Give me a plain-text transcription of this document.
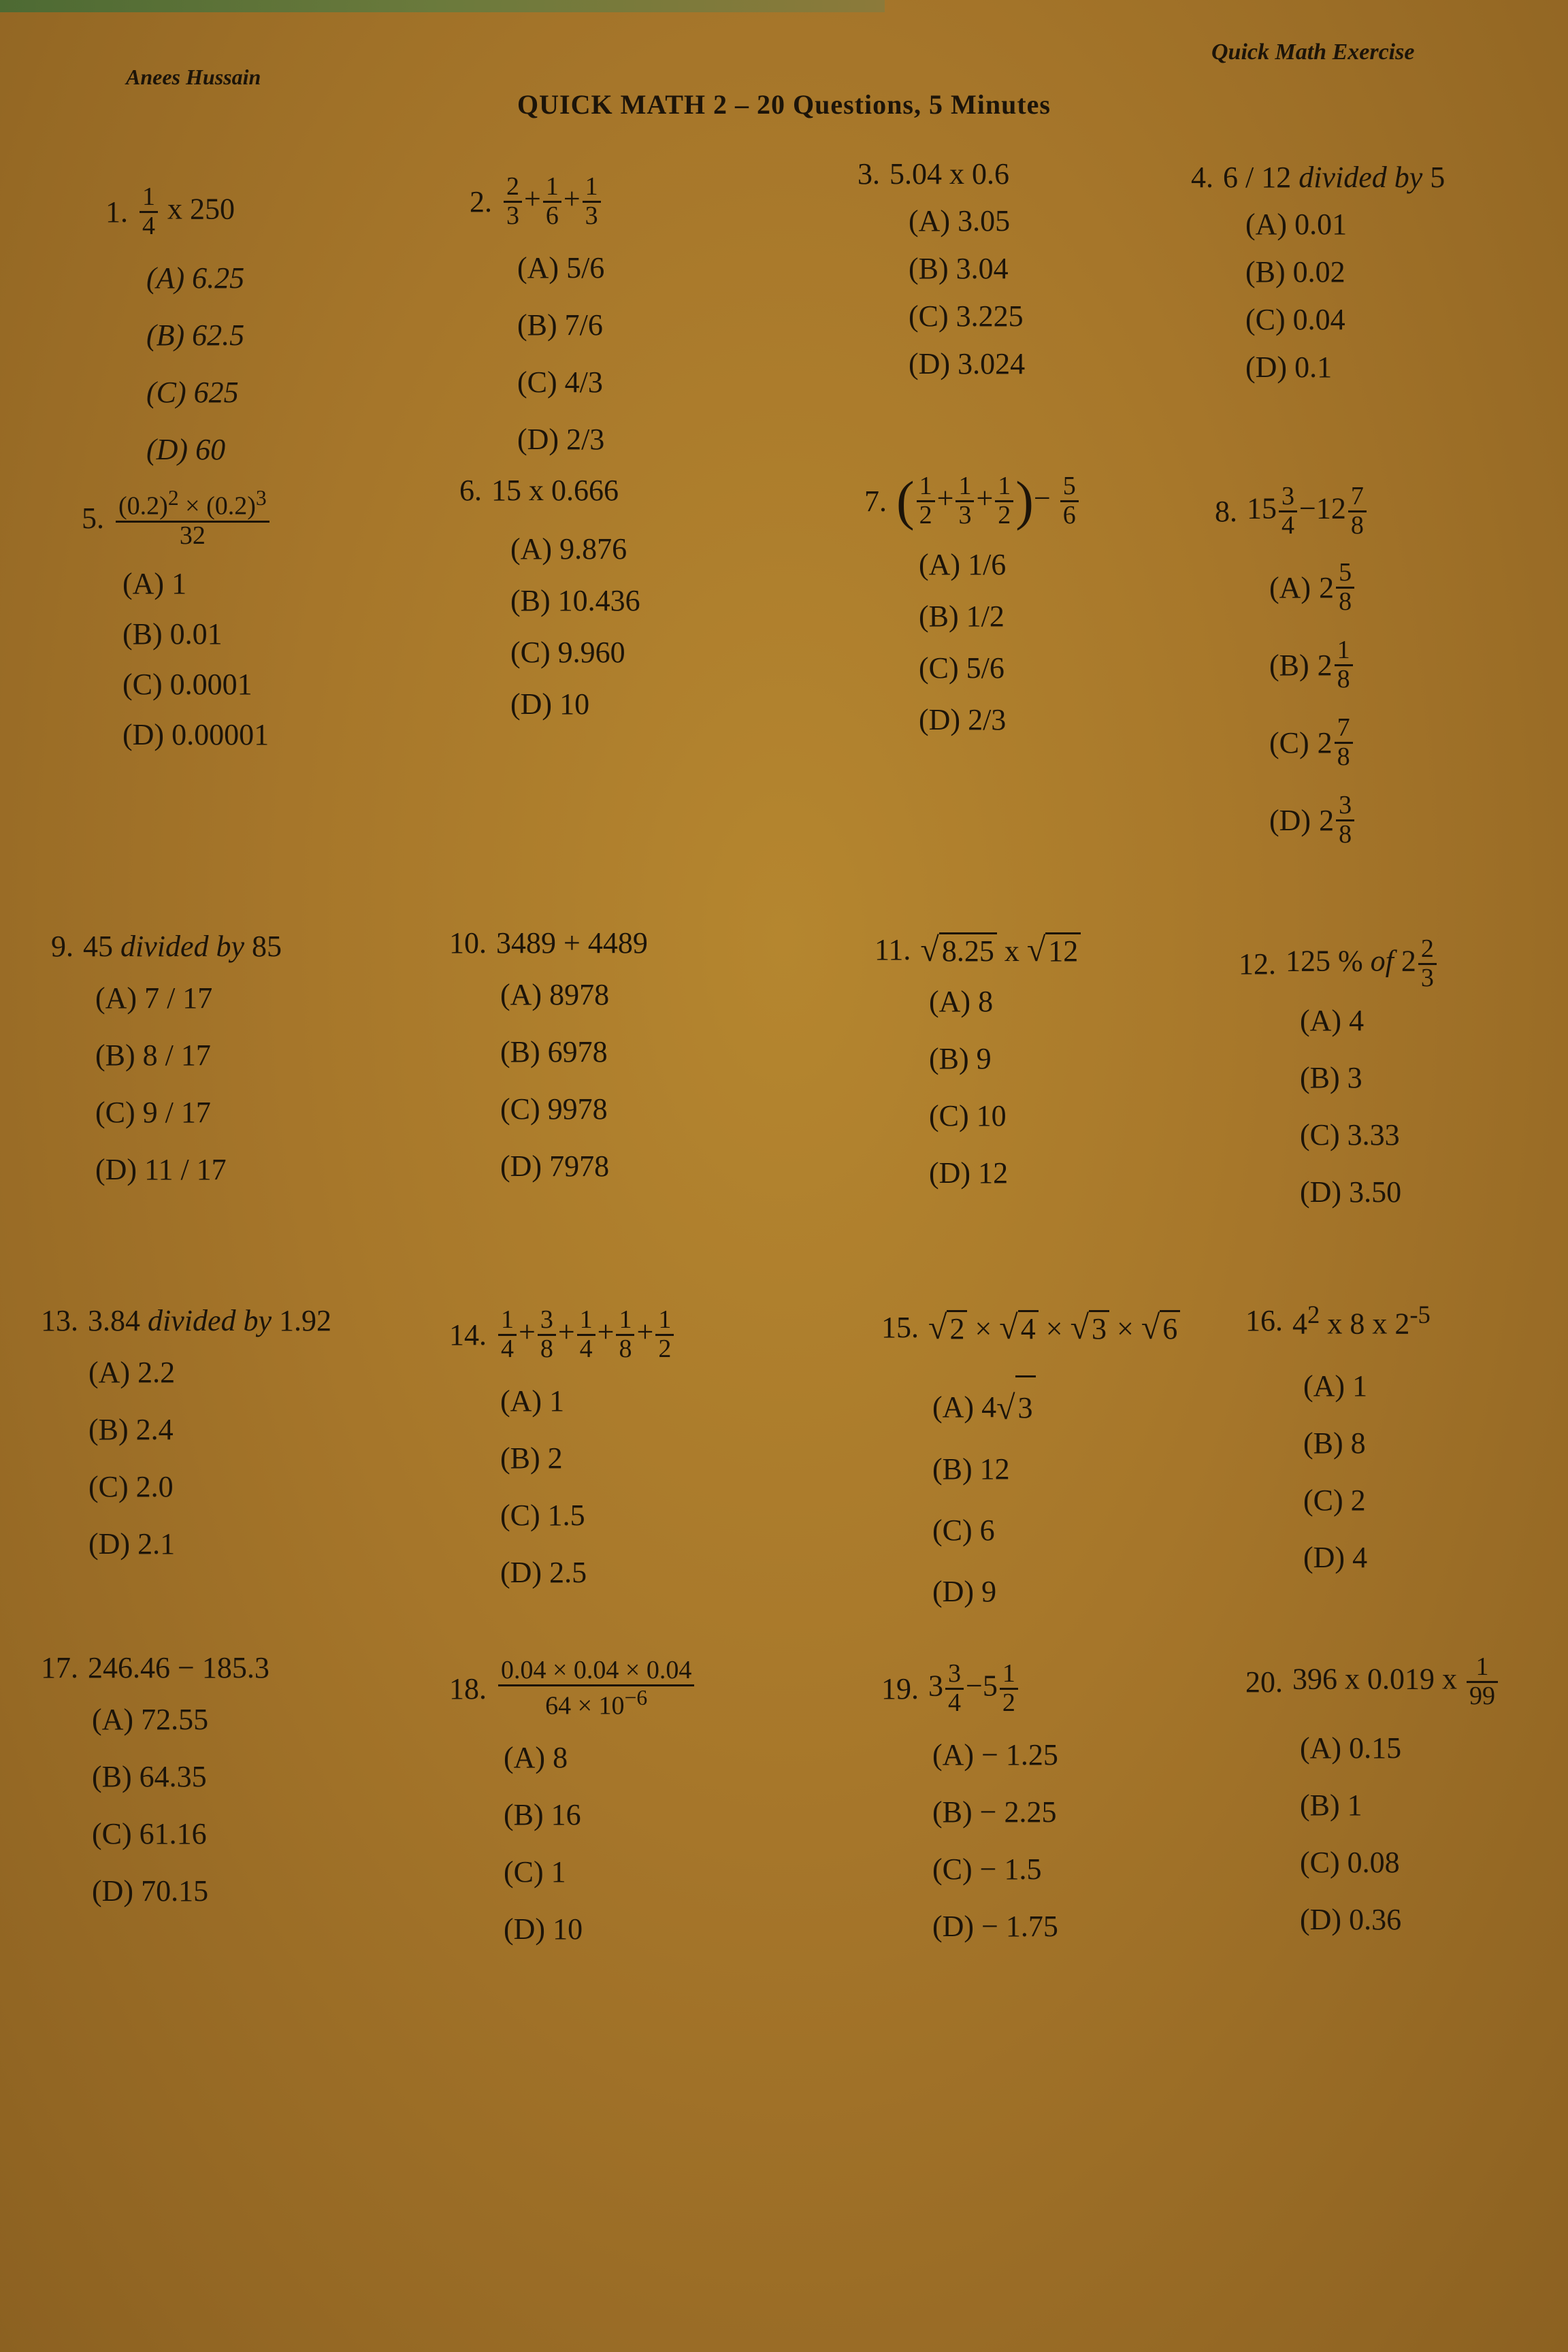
Anees Hussain
Quick Math Exercise
QUICK MATH 2 – 20 Questions, 5 Minutes
1. $\frac{1}{4}$ x 250
(A) 6.25
(B) 62.5
(C) 625
(D) 60
2. $\frac{2}{3} + \frac{1}{6} + \frac{1}{3}$
(A) 5/6
(B) 7/6
(C) 4/3
(D) 2/3
3. 5.04 x 0.6
(A) 3.05
(B) 3.04
(C) 3.225
(D) 3.024
4. 6 / 12 divided by 5
(A) 0.01
(B) 0.02
(C) 0.04
(D) 0.1
5. $\frac{(0.2)^2 \times (0.2)^3}{32}$
(A) 1
(B) 0.01
(C) 0.0001
(D) 0.00001
6. 15 x 0.666
(A) 9.876
(B) 10.436
(C) 9.960
(D) 10
7. ( $\frac{1}{2} + \frac{1}{3} + \frac{1}{2}$ )− $\frac{5}{6}$
(A) 1/6
(B) 1/2
(C) 5/6
(D) 2/3
8. $15 \frac{3}{4} -12 \frac{7}{8}$
(A) $2 \frac{5}{8}$
(B) $2 \frac{1}{8}$
(C) $2 \frac{7}{8}$
(D) $2 \frac{3}{8}$
9. 45 divided by 85
(A) 7 / 17
(B) 8 / 17
(C) 9 / 17
(D) 11 / 17
10. 3489 + 4489
(A) 8978
(B) 6978
(C) 9978
(D) 7978
11. √8.25 x √12
(A) 8
(B) 9
(C) 10
(D) 12
12. 125 % of $2 \frac{2}{3}$
(A) 4
(B) 3
(C) 3.33
(D) 3.50
13. 3.84 divided by 1.92
(A) 2.2
(B) 2.4
(C) 2.0
(D) 2.1
14. $\frac{1}{4} + \frac{3}{8} + \frac{1}{4} + \frac{1}{8} + \frac{1}{2}$
(A) 1
(B) 2
(C) 1.5
(D) 2.5
15. √2 × √4 × √3 × √6
(A) 4 √ 3
(B) 12
(C) 6
(D) 9
16. $4^2$ x 8 x $2^{-5}$
(A) 1
(B) 8
(C) 2
(D) 4
17. 246.46 − 185.3
(A) 72.55
(B) 64.35
(C) 61.16
(D) 70.15
18. $\frac{0.04 \times 0.04 \times 0.04}{64 \times 10^{-6}}$
(A) 8
(B) 16
(C) 1
(D) 10
19. $3 \frac{3}{4} -5 \frac{1}{2}$
(A) − 1.25
(B) − 2.25
(C) − 1.5
(D) − 1.75
20. 396 x 0.019 x $\frac{1}{99}$
(A) 0.15
(B) 1
(C) 0.08
(D) 0.36
